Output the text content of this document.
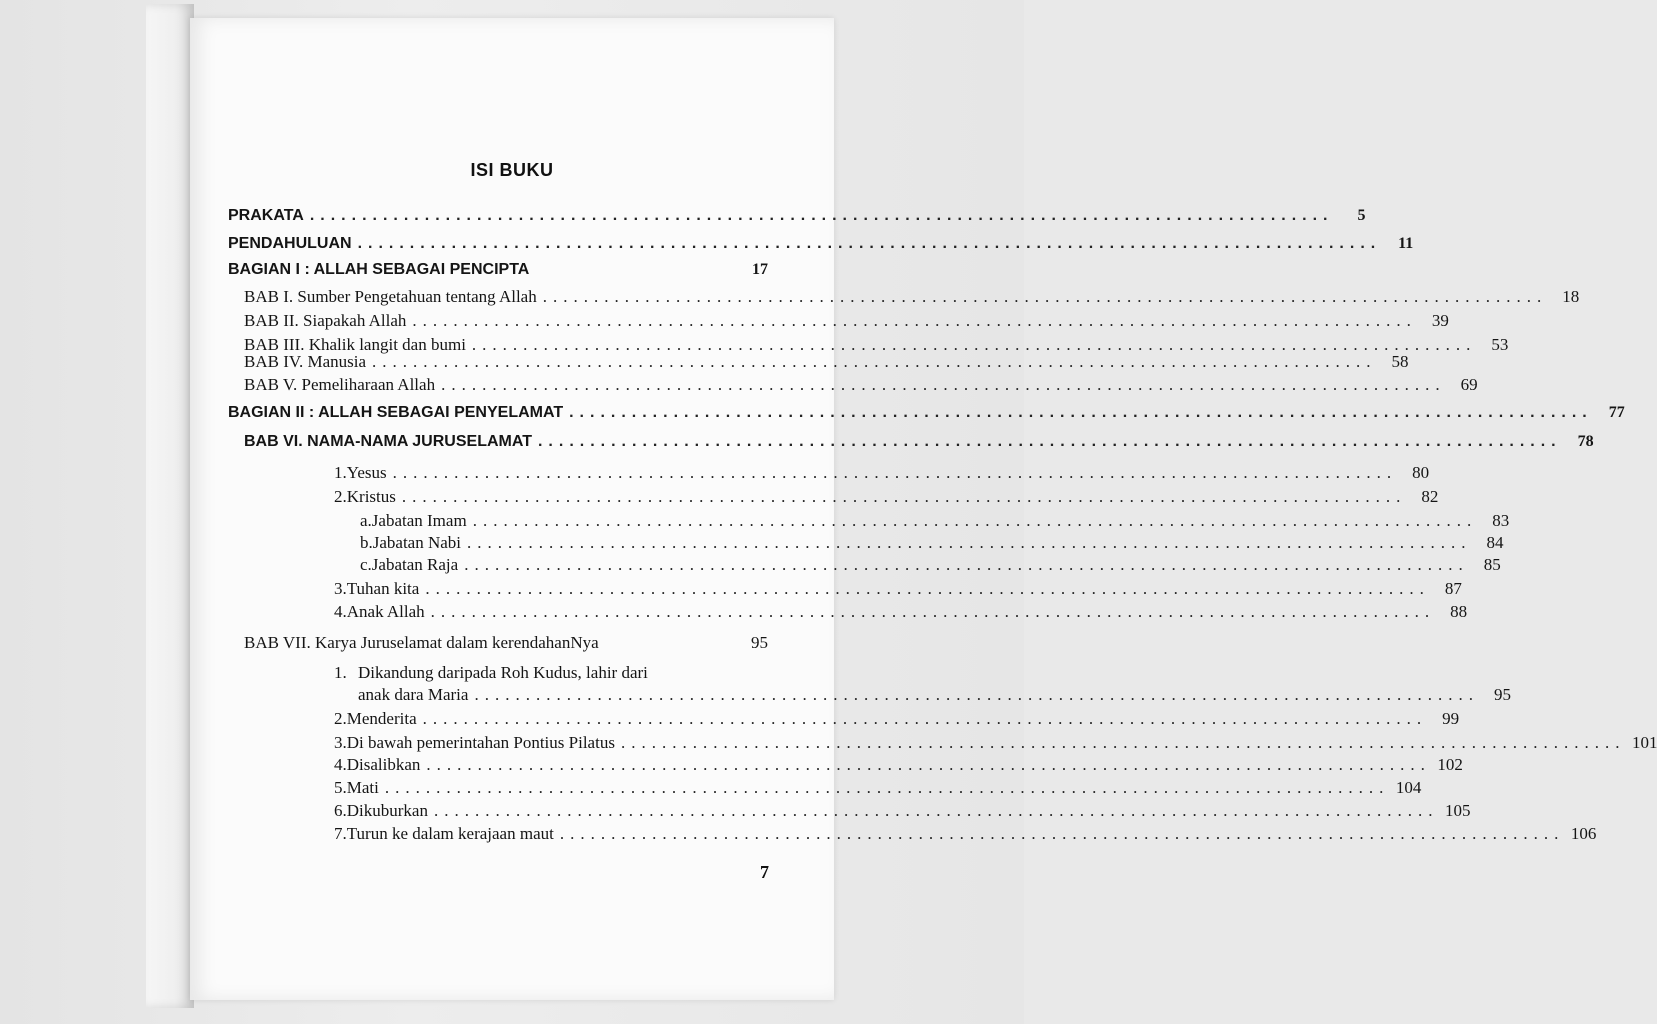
ISI BUKU
PRAKATA ..................................................................................................	5
PENDAHULUAN ..................................................................................................	11
BAGIAN I : ALLAH SEBAGAI PENCIPTA	17
BAB I. Sumber Pengetahuan tentang Allah .................................................................................................. 18
BAB II. Siapakah Allah .................................................................................................. 39
BAB III. Khalik langit dan bumi .................................................................................................. 53
BAB IV. Manusia .................................................................................................. 58
BAB V. Pemeliharaan Allah .................................................................................................. 69
BAGIAN II : ALLAH SEBAGAI PENYELAMAT ..................................................................................................	77
BAB VI. NAMA-NAMA JURUSELAMAT ..................................................................................................	78
1. Yesus .................................................................................................. 80
2. Kristus .................................................................................................. 82
a. Jabatan Imam .................................................................................................. 83
b. Jabatan Nabi .................................................................................................. 84
c. Jabatan Raja .................................................................................................. 85
3. Tuhan kita .................................................................................................. 87
4. Anak Allah .................................................................................................. 88
BAB VII. Karya Juruselamat dalam kerendahanNya	95
1. Dikandung daripada Roh Kudus, lahir dari
anak dara Maria .................................................................................................. 95
2. Menderita .................................................................................................. 99
3. Di bawah pemerintahan Pontius Pilatus .................................................................................................. 101
4. Disalibkan .................................................................................................. 102
5. Mati .................................................................................................. 104
6. Dikuburkan .................................................................................................. 105
7. Turun ke dalam kerajaan maut .................................................................................................. 106
7
